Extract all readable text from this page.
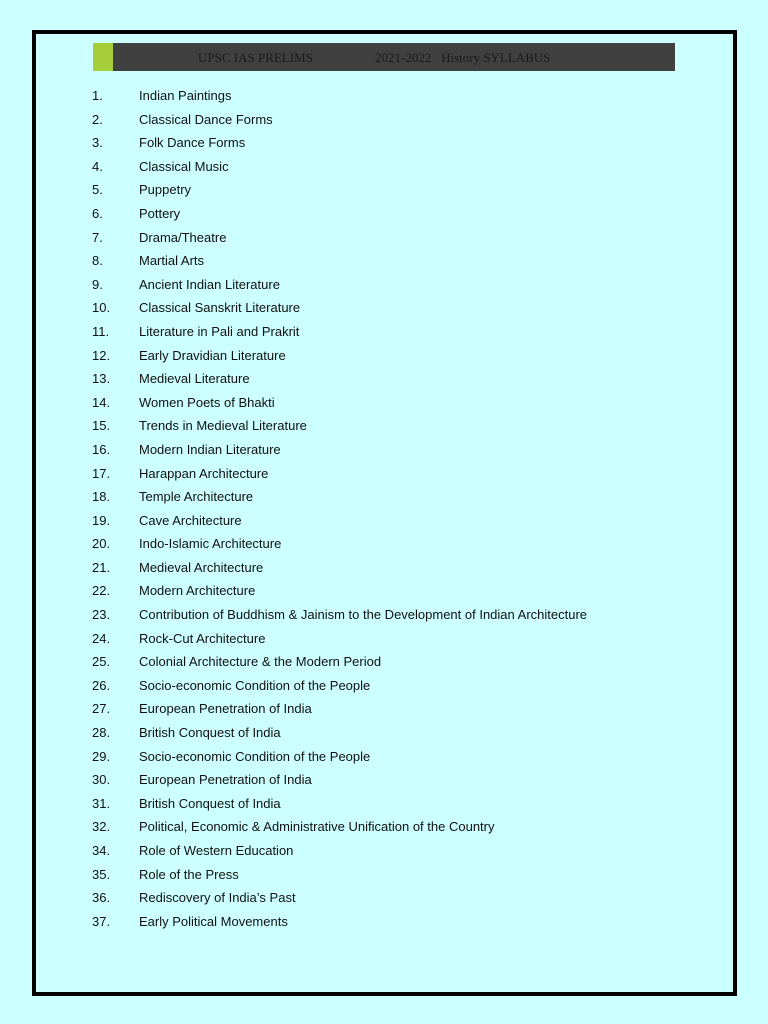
UPSC IAS PRELIMS	2021-2022   History SYLLABUS
1.	Indian Paintings
2.	Classical Dance Forms
3.	Folk Dance Forms
4.	Classical Music
5.	Puppetry
6.	Pottery
7.	Drama/Theatre
8.	Martial Arts
9.	Ancient Indian Literature
10. Classical Sanskrit Literature
11. Literature in Pali and Prakrit
12. Early Dravidian Literature
13. Medieval Literature
14. Women Poets of Bhakti
15. Trends in Medieval Literature
16. Modern Indian Literature
17. Harappan Architecture
18. Temple Architecture
19. Cave Architecture
20. Indo-Islamic Architecture
21. Medieval Architecture
22. Modern Architecture
23. Contribution of Buddhism & Jainism to the Development of Indian Architecture
24. Rock-Cut Architecture
25. Colonial Architecture & the Modern Period
26. Socio-economic Condition of the People
27. European Penetration of India
28. British Conquest of India
29. Socio-economic Condition of the People
30. European Penetration of India
31. British Conquest of India
32. Political, Economic & Administrative Unification of the Country
34. Role of Western Education
35. Role of the Press
36. Rediscovery of India’s Past
37. Early Political Movements
